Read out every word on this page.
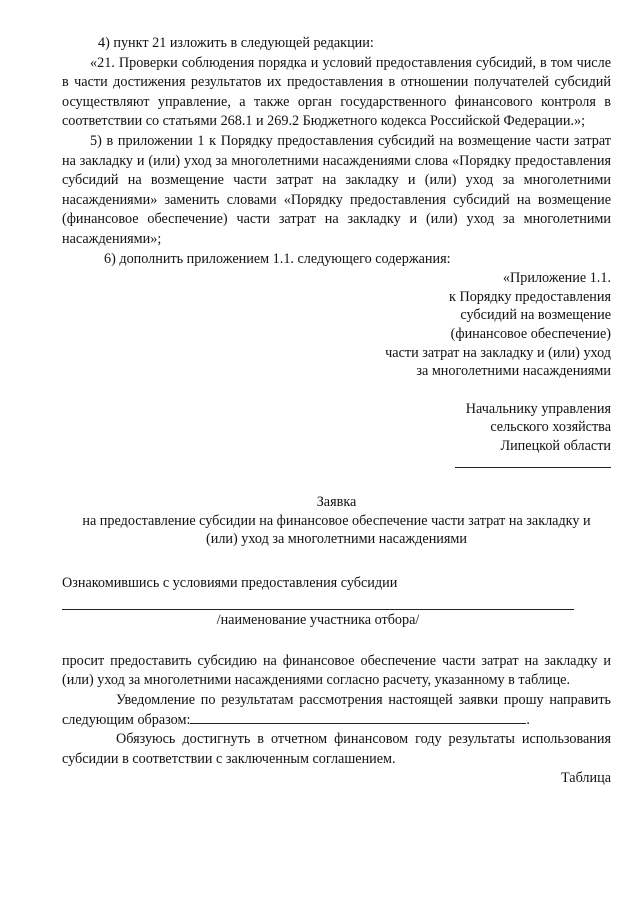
4) пункт 21 изложить в следующей редакции:

«21. Проверки соблюдения порядка и условий предоставления субсидий, в том числе в части достижения результатов их предоставления в отношении получателей субсидий осуществляют управление, а также орган государственного финансового контроля в соответствии со статьями 268.1 и 269.2 Бюджетного кодекса Российской Федерации.»;

5) в приложении 1 к Порядку предоставления субсидий на возмещение части затрат на закладку и (или) уход за многолетними насаждениями слова «Порядку предоставления субсидий на возмещение части затрат на закладку и (или) уход за многолетними насаждениями» заменить словами «Порядку предоставления субсидий на возмещение (финансовое обеспечение) части затрат на закладку и (или) уход за многолетними насаждениями»;

6) дополнить приложением 1.1. следующего содержания:

«Приложение 1.1.
к Порядку предоставления
субсидий на возмещение
(финансовое обеспечение)
части затрат на закладку и (или) уход
за многолетними насаждениями
Начальнику управления
сельского хозяйства
Липецкой области
Заявка
на предоставление субсидии на финансовое обеспечение части затрат на закладку и
(или) уход за многолетними насаждениями
Ознакомившись с условиями предоставления субсидии
/наименование участника отбора/

просит предоставить субсидию на финансовое обеспечение части затрат на закладку и (или) уход за многолетними насаждениями согласно расчету, указанному в таблице.

Уведомление по результатам рассмотрения настоящей заявки прошу направить следующим образом:	.

Обязуюсь достигнуть в отчетном финансовом году результаты использования субсидии в соответствии с заключенным соглашением.

Таблица
